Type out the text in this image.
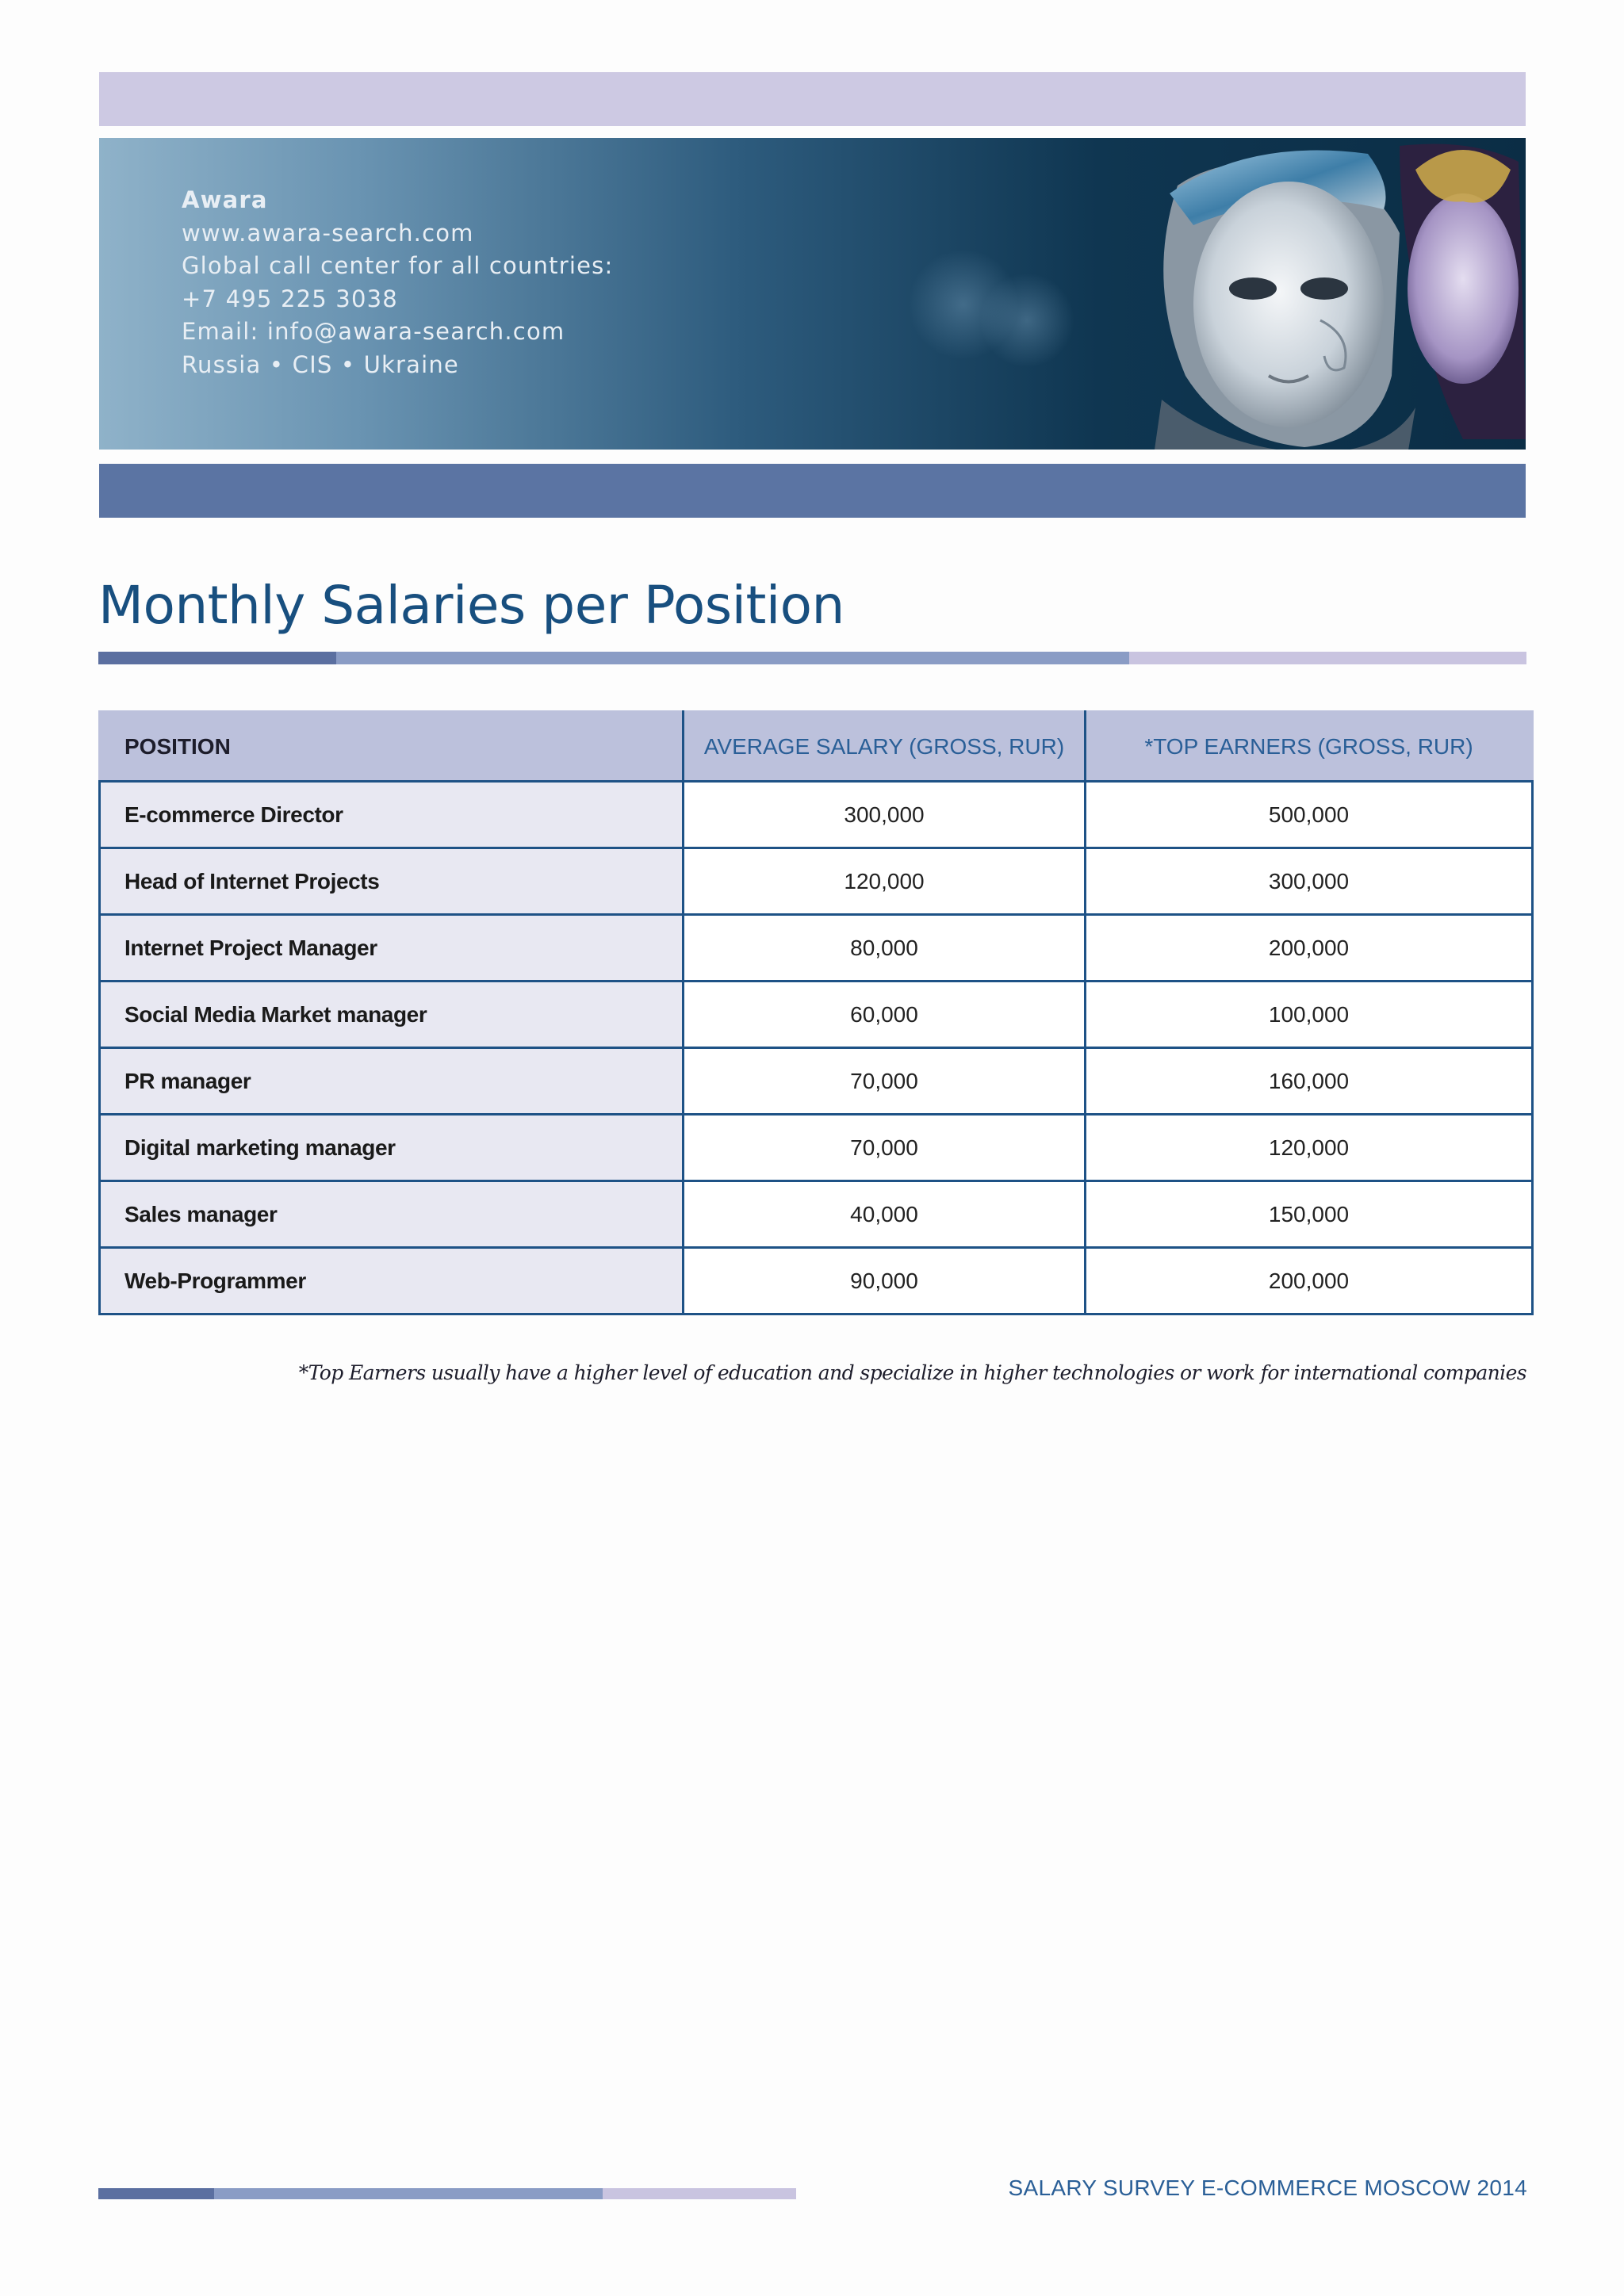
Awara
www.awara-search.com
Global call center for all countries:
+7 495 225 3038
Email: info@awara-search.com
Russia • CIS • Ukraine
Monthly Salaries per Position
POSITION	AVERAGE SALARY (GROSS, RUR)	*TOP EARNERS (GROSS, RUR)
E-commerce Director	300,000	500,000
Head of Internet Projects	120,000	300,000
Internet Project Manager	80,000	200,000
Social Media Market manager	60,000	100,000
PR manager	70,000	160,000
Digital marketing manager	70,000	120,000
Sales manager	40,000	150,000
Web-Programmer	90,000	200,000
*Top Earners usually have a higher level of education and specialize in higher technologies or work for international companies
SALARY SURVEY E-COMMERCE MOSCOW 2014
